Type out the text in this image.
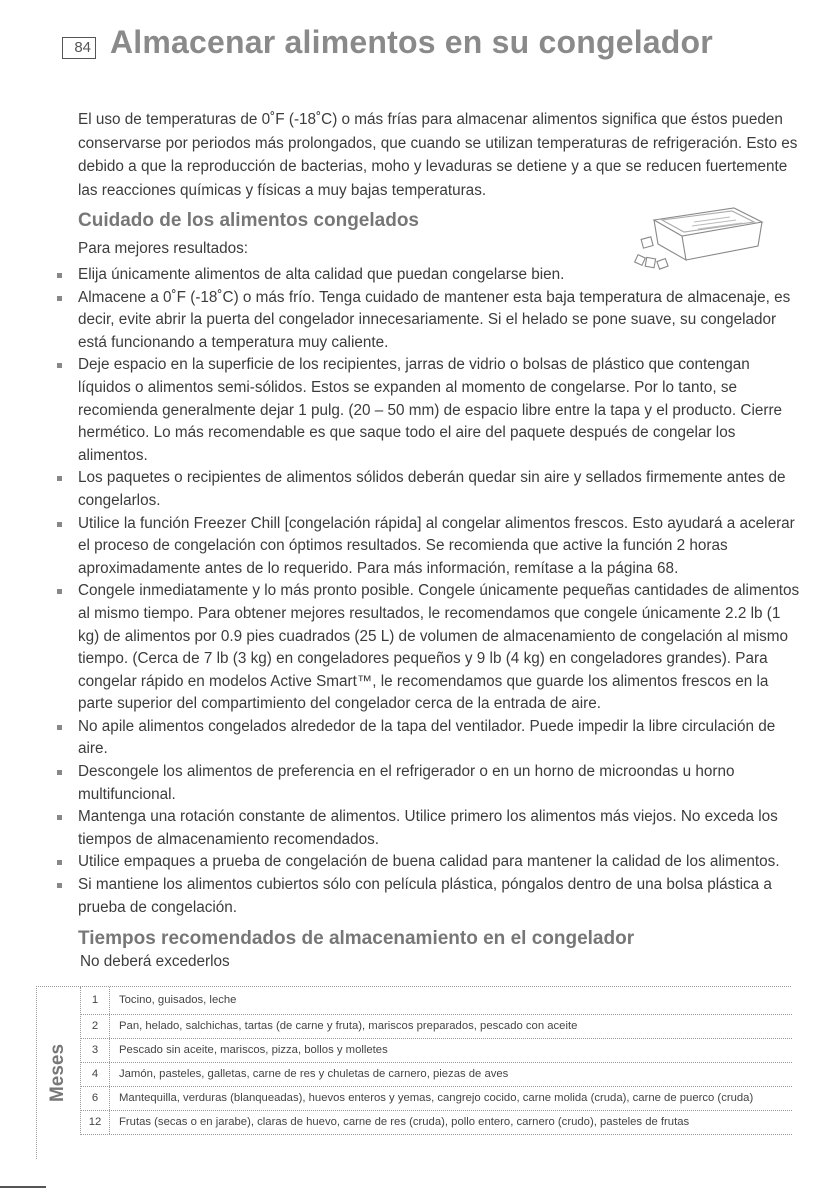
84 Almacenar alimentos en su congelador

El uso de temperaturas de 0˚F (-18˚C) o más frías para almacenar alimentos significa que éstos pueden conservarse por periodos más prolongados, que cuando se utilizan temperaturas de refrigeración. Esto es debido a que la reproducción de bacterias, moho y levaduras se detiene y a que se reducen fuertemente las reacciones químicas y físicas a muy bajas temperaturas.

Cuidado de los alimentos congelados

Para mejores resultados:

Elija únicamente alimentos de alta calidad que puedan congelarse bien.
Almacene a 0˚F (-18˚C) o más frío. Tenga cuidado de mantener esta baja temperatura de almacenaje, es decir, evite abrir la puerta del congelador innecesariamente. Si el helado se pone suave, su congelador está funcionando a temperatura muy caliente.
Deje espacio en la superficie de los recipientes, jarras de vidrio o bolsas de plástico que contengan líquidos o alimentos semi-sólidos. Estos se expanden al momento de congelarse. Por lo tanto, se recomienda generalmente dejar 1 pulg. (20 – 50 mm) de espacio libre entre la tapa y el producto. Cierre hermético. Lo más recomendable es que saque todo el aire del paquete después de congelar los alimentos.
Los paquetes o recipientes de alimentos sólidos deberán quedar sin aire y sellados firmemente antes de congelarlos.
Utilice la función Freezer Chill [congelación rápida] al congelar alimentos frescos. Esto ayudará a acelerar el proceso de congelación con óptimos resultados. Se recomienda que active la función 2 horas aproximadamente antes de lo requerido. Para más información, remítase a la página 68.
Congele inmediatamente y lo más pronto posible. Congele únicamente pequeñas cantidades de alimentos al mismo tiempo. Para obtener mejores resultados, le recomendamos que congele únicamente 2.2 lb (1 kg) de alimentos por 0.9 pies cuadrados (25 L) de volumen de almacenamiento de congelación al mismo tiempo. (Cerca de 7 lb (3 kg) en congeladores pequeños y 9 lb (4 kg) en congeladores grandes). Para congelar rápido en modelos Active Smart™, le recomendamos que guarde los alimentos frescos en la parte superior del compartimiento del congelador cerca de la entrada de aire.
No apile alimentos congelados alrededor de la tapa del ventilador. Puede impedir la libre circulación de aire.
Descongele los alimentos de preferencia en el refrigerador o en un horno de microondas u horno multifuncional.
Mantenga una rotación constante de alimentos. Utilice primero los alimentos más viejos. No exceda los tiempos de almacenamiento recomendados.
Utilice empaques a prueba de congelación de buena calidad para mantener la calidad de los alimentos.
Si mantiene los alimentos cubiertos sólo con película plástica, póngalos dentro de una bolsa plástica a prueba de congelación.
Tiempos recomendados de almacenamiento en el congelador

No deberá excederlos

Meses
1	Tocino, guisados, leche
2	Pan, helado, salchichas, tartas (de carne y fruta), mariscos preparados, pescado con aceite
3	Pescado sin aceite, mariscos, pizza, bollos y molletes
4	Jamón, pasteles, galletas, carne de res y chuletas de carnero, piezas de aves
6	Mantequilla, verduras (blanqueadas), huevos enteros y yemas, cangrejo cocido, carne molida (cruda), carne de puerco (cruda)
12	Frutas (secas o en jarabe), claras de huevo, carne de res (cruda), pollo entero, carnero (crudo), pasteles de frutas
